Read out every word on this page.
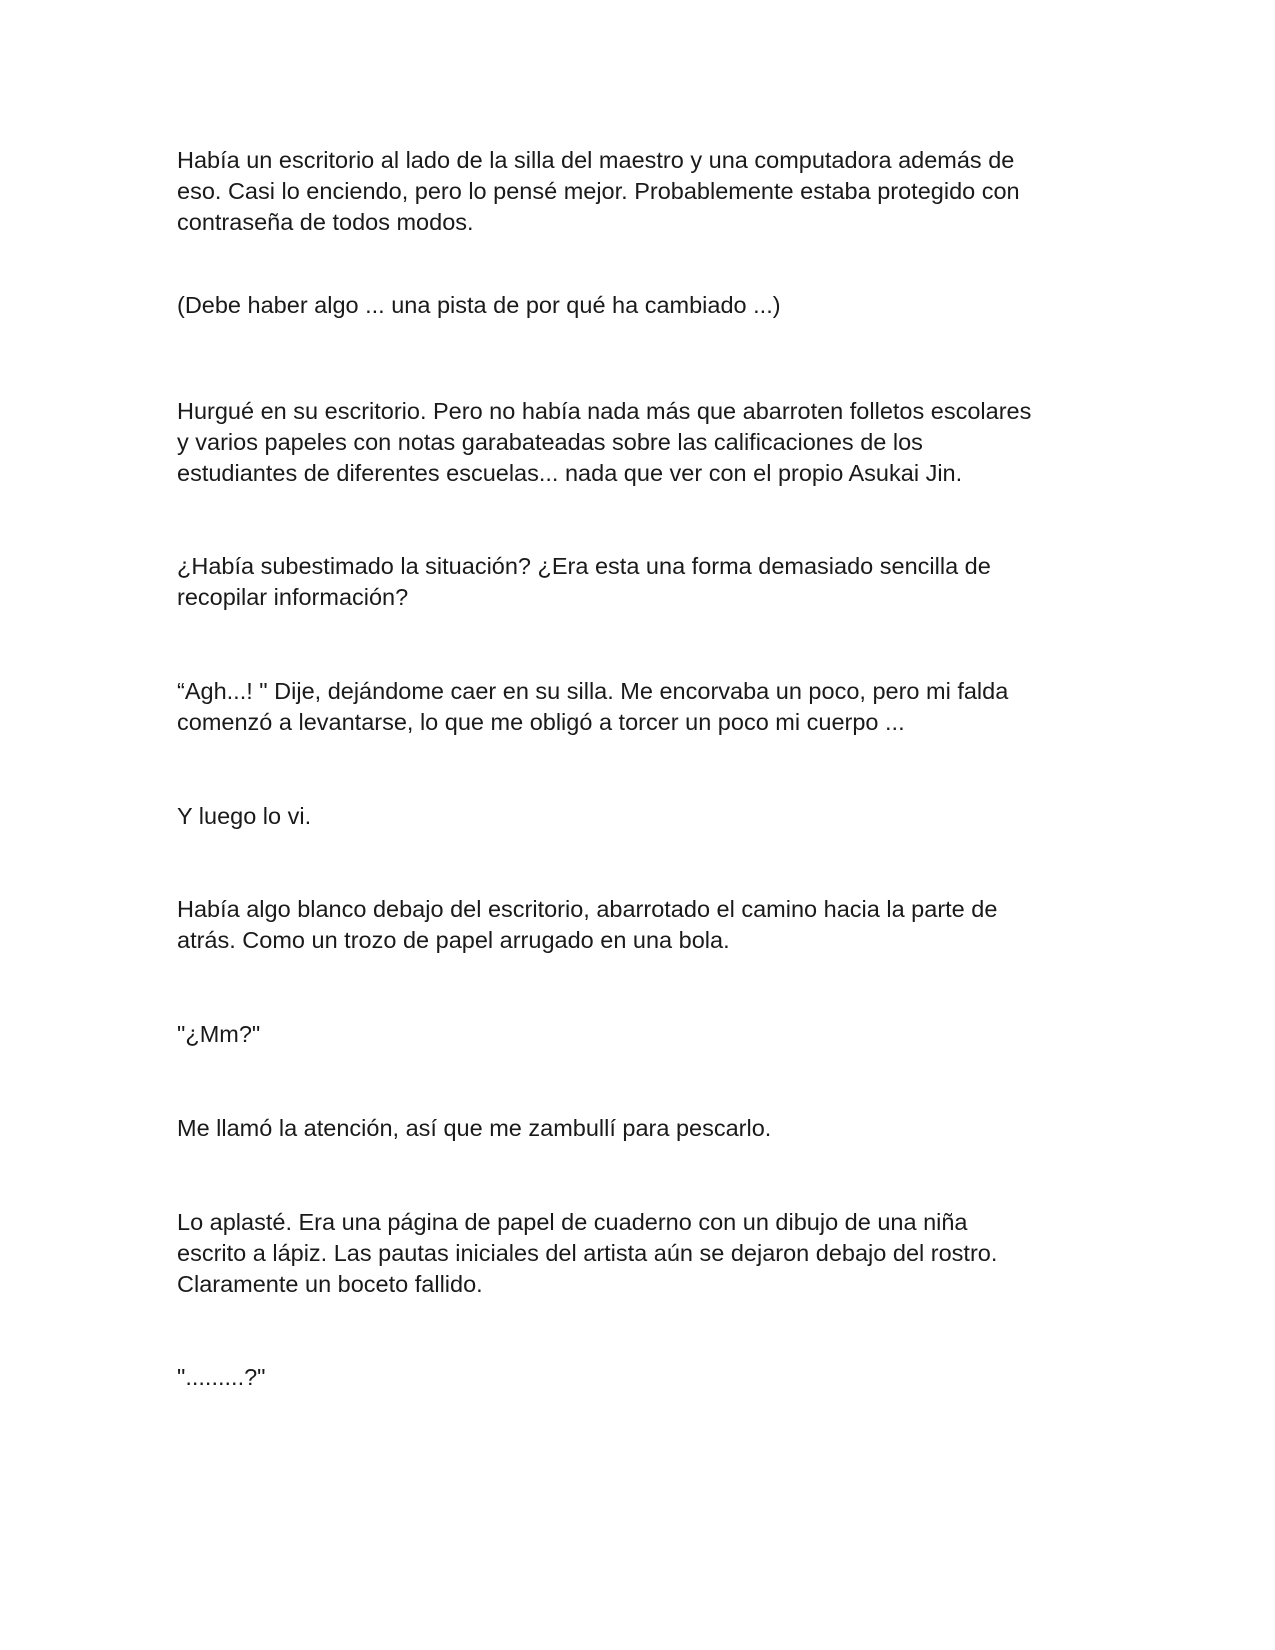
Había un escritorio al lado de la silla del maestro y una computadora además de
eso. Casi lo enciendo, pero lo pensé mejor. Probablemente estaba protegido con
contraseña de todos modos.

(Debe haber algo ... una pista de por qué ha cambiado ...)

Hurgué en su escritorio. Pero no había nada más que abarroten folletos escolares
y varios papeles con notas garabateadas sobre las calificaciones de los
estudiantes de diferentes escuelas... nada que ver con el propio Asukai Jin.

¿Había subestimado la situación? ¿Era esta una forma demasiado sencilla de
recopilar información?

“Agh...! " Dije, dejándome caer en su silla. Me encorvaba un poco, pero mi falda
comenzó a levantarse, lo que me obligó a torcer un poco mi cuerpo ...

Y luego lo vi.

Había algo blanco debajo del escritorio, abarrotado el camino hacia la parte de
atrás. Como un trozo de papel arrugado en una bola.

"¿Mm?"

Me llamó la atención, así que me zambullí para pescarlo.

Lo aplasté. Era una página de papel de cuaderno con un dibujo de una niña
escrito a lápiz. Las pautas iniciales del artista aún se dejaron debajo del rostro.
Claramente un boceto fallido.

".........?"
